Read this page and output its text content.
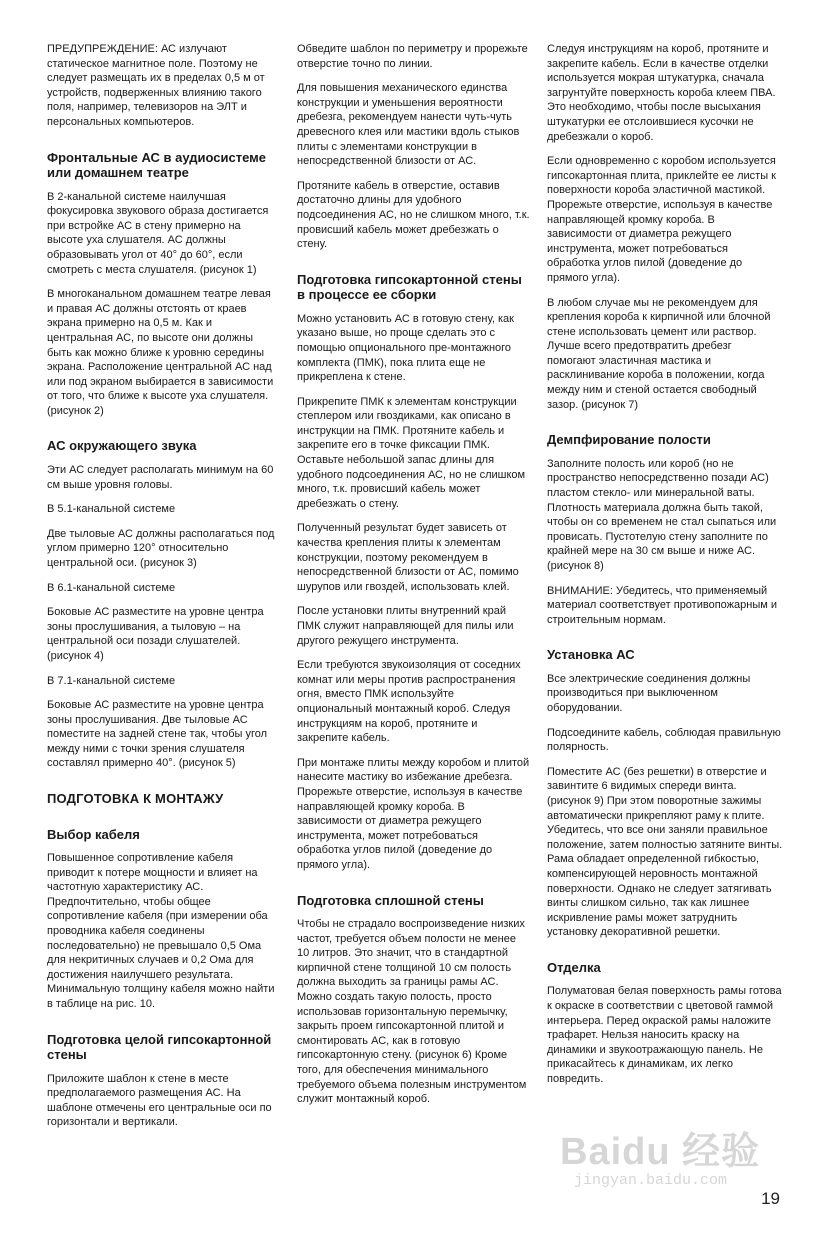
ПРЕДУПРЕЖДЕНИЕ: АС излучают статическое магнитное поле. Поэтому не следует размещать их в пределах 0,5 м от устройств, подверженных влиянию такого поля, например, телевизоров на ЭЛТ и персональных компьютеров.

Фронтальные АС в аудиосистеме или домашнем театре

В 2-канальной системе наилучшая фокусировка звукового образа достигается при встройке АС в стену примерно на высоте уха слушателя. АС должны образовывать угол от 40° до 60°, если смотреть с места слушателя. (рисунок 1)

В многоканальном домашнем театре левая и правая АС должны отстоять от краев экрана примерно на 0,5 м. Как и центральная АС, по высоте они должны быть как можно ближе к уровню середины экрана. Расположение центральной АС над или под экраном выбирается в зависимости от того, что ближе к высоте уха слушателя. (рисунок 2)

АС окружающего звука

Эти АС следует располагать минимум на 60 см выше уровня головы.

В 5.1-канальной системе

Две тыловые АС должны располагаться под углом примерно 120° относительно центральной оси. (рисунок 3)

В 6.1-канальной системе

Боковые АС разместите на уровне центра зоны прослушивания, а тыловую – на центральной оси позади слушателей. (рисунок 4)

В 7.1-канальной системе

Боковые АС разместите на уровне центра зоны прослушивания. Две тыловые АС поместите на задней стене так, чтобы угол между ними с точки зрения слушателя составлял примерно 40°. (рисунок 5)

ПОДГОТОВКА К МОНТАЖУ
Выбор кабеля

Повышенное сопротивление кабеля приводит к потере мощности и влияет на частотную характеристику АС. Предпочтительно, чтобы общее сопротивление кабеля (при измерении оба проводника кабеля соединены последовательно) не превышало 0,5 Ома для некритичных случаев и 0,2 Ома для достижения наилучшего результата. Минимальную толщину кабеля можно найти в таблице на рис. 10.

Подготовка целой гипсокартонной стены

Приложите шаблон к стене в месте предполагаемого размещения АС. На шаблоне отмечены его центральные оси по горизонтали и вертикали.

Обведите шаблон по периметру и прорежьте отверстие точно по линии.

Для повышения механического единства конструкции и уменьшения вероятности дребезга, рекомендуем нанести чуть-чуть древесного клея или мастики вдоль стыков плиты с элементами конструкции в непосредственной близости от АС.

Протяните кабель в отверстие, оставив достаточно длины для удобного подсоединения АС, но не слишком много, т.к. провисший кабель может дребезжать о стену.

Подготовка гипсокартонной стены в процессе ее сборки

Можно установить АС в готовую стену, как указано выше, но проще сделать это с помощью опционального пре-монтажного комплекта (ПМК), пока плита еще не прикреплена к стене.

Прикрепите ПМК к элементам конструкции степлером или гвоздиками, как описано в инструкции на ПМК. Протяните кабель и закрепите его в точке фиксации ПМК. Оставьте небольшой запас длины для удобного подсоединения АС, но не слишком много, т.к. провисший кабель может дребезжать о стену.

Полученный результат будет зависеть от качества крепления плиты к элементам конструкции, поэтому рекомендуем в непосредственной близости от АС, помимо шурупов или гвоздей, использовать клей.

После установки плиты внутренний край ПМК служит направляющей для пилы или другого режущего инструмента.

Если требуются звукоизоляция от соседних комнат или меры против распространения огня, вместо ПМК используйте опциональный монтажный короб. Следуя инструкциям на короб, протяните и закрепите кабель.

При монтаже плиты между коробом и плитой нанесите мастику во избежание дребезга. Прорежьте отверстие, используя в качестве направляющей кромку короба. В зависимости от диаметра режущего инструмента, может потребоваться обработка углов пилой (доведение до прямого угла).

Подготовка сплошной стены

Чтобы не страдало воспроизведение низких частот, требуется объем полости не менее 10 литров. Это значит, что в стандартной кирпичной стене толщиной 10 см полость должна выходить за границы рамы АС. Можно создать такую полость, просто использовав горизонтальную перемычку, закрыть проем гипсокартонной плитой и смонтировать АС, как в готовую гипсокартонную стену. (рисунок 6) Кроме того, для обеспечения минимального требуемого объема полезным инструментом служит монтажный короб.

Следуя инструкциям на короб, протяните и закрепите кабель. Если в качестве отделки используется мокрая штукатурка, сначала загрунтуйте поверхность короба клеем ПВА. Это необходимо, чтобы после высыхания штукатурки ее отслоившиеся кусочки не дребезжали о короб.

Если одновременно с коробом используется гипсокартонная плита, приклейте ее листы к поверхности короба эластичной мастикой. Прорежьте отверстие, используя в качестве направляющей кромку короба. В зависимости от диаметра режущего инструмента, может потребоваться обработка углов пилой (доведение до прямого угла).

В любом случае мы не рекомендуем для крепления короба к кирпичной или блочной стене использовать цемент или раствор. Лучше всего предотвратить дребезг помогают эластичная мастика и расклинивание короба в положении, когда между ним и стеной остается свободный зазор. (рисунок 7)

Демпфирование полости

Заполните полость или короб (но не пространство непосредственно позади АС) пластом стекло- или минеральной ваты. Плотность материала должна быть такой, чтобы он со временем не стал сыпаться или провисать. Пустотелую стену заполните по крайней мере на 30 см выше и ниже АС. (рисунок 8)

ВНИМАНИЕ: Убедитесь, что применяемый материал соответствует противопожарным и строительным нормам.

Установка АС

Все электрические соединения должны производиться при выключенном оборудовании.

Подсоедините кабель, соблюдая правильную полярность.

Поместите АС (без решетки) в отверстие и завинтите 6 видимых спереди винта. (рисунок 9) При этом поворотные зажимы автоматически прикрепляют раму к плите. Убедитесь, что все они заняли правильное положение, затем полностью затяните винты. Рама обладает определенной гибкостью, компенсирующей неровность монтажной поверхности. Однако не следует затягивать винты слишком сильно, так как лишнее искривление рамы может затруднить установку декоративной решетки.

Отделка

Полуматовая белая поверхность рамы готова к окраске в соответствии с цветовой гаммой интерьера. Перед окраской рамы наложите трафарет. Нельзя наносить краску на динамики и звукоотражающую панель. Не прикасайтесь к динамикам, их легко повредить.

Baidu 经验
jingyan.baidu.com
19
